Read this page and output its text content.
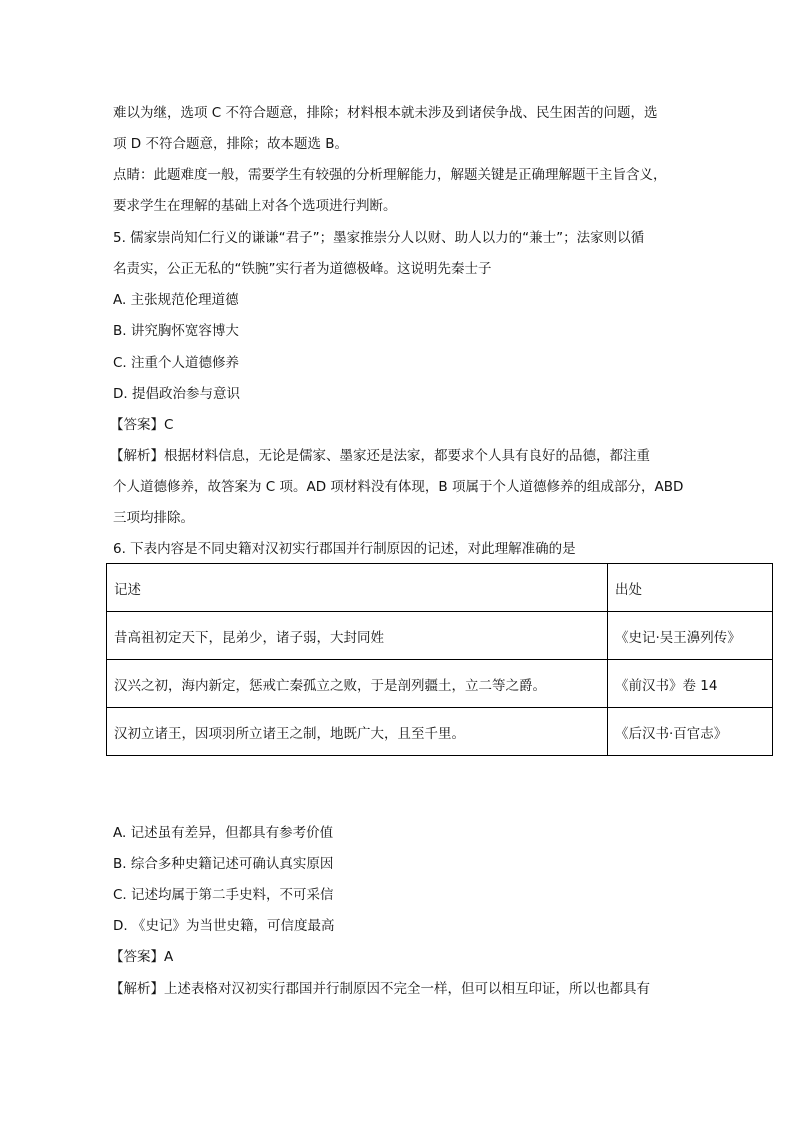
难以为继，选项 C 不符合题意，排除；材料根本就未涉及到诸侯争战、民生困苦的问题，选
项 D 不符合题意，排除；故本题选 B。
点睛：此题难度一般，需要学生有较强的分析理解能力，解题关键是正确理解题干主旨含义，
要求学生在理解的基础上对各个选项进行判断。
5. 儒家崇尚知仁行义的谦谦“君子”；墨家推崇分人以财、助人以力的“兼士”；法家则以循
名责实，公正无私的“铁腕”实行者为道德极峰。这说明先秦士子
A. 主张规范伦理道德
B. 讲究胸怀宽容博大
C. 注重个人道德修养
D. 提倡政治参与意识
【答案】C
【解析】根据材料信息，无论是儒家、墨家还是法家，都要求个人具有良好的品德，都注重
个人道德修养，故答案为 C 项。AD 项材料没有体现，B 项属于个人道德修养的组成部分，ABD
三项均排除。
6. 下表内容是不同史籍对汉初实行郡国并行制原因的记述，对此理解准确的是
记述	出处
昔高祖初定天下，昆弟少，诸子弱，大封同姓	《史记·吴王濞列传》
汉兴之初，海内新定，惩戒亡秦孤立之败，于是剖列疆土，立二等之爵。	《前汉书》卷 14
汉初立诸王，因项羽所立诸王之制，地既广大，且至千里。	《后汉书·百官志》
A. 记述虽有差异，但都具有参考价值
B. 综合多种史籍记述可确认真实原因
C. 记述均属于第二手史料，不可采信
D. 《史记》为当世史籍，可信度最高
【答案】A
【解析】上述表格对汉初实行郡国并行制原因不完全一样，但可以相互印证，所以也都具有
